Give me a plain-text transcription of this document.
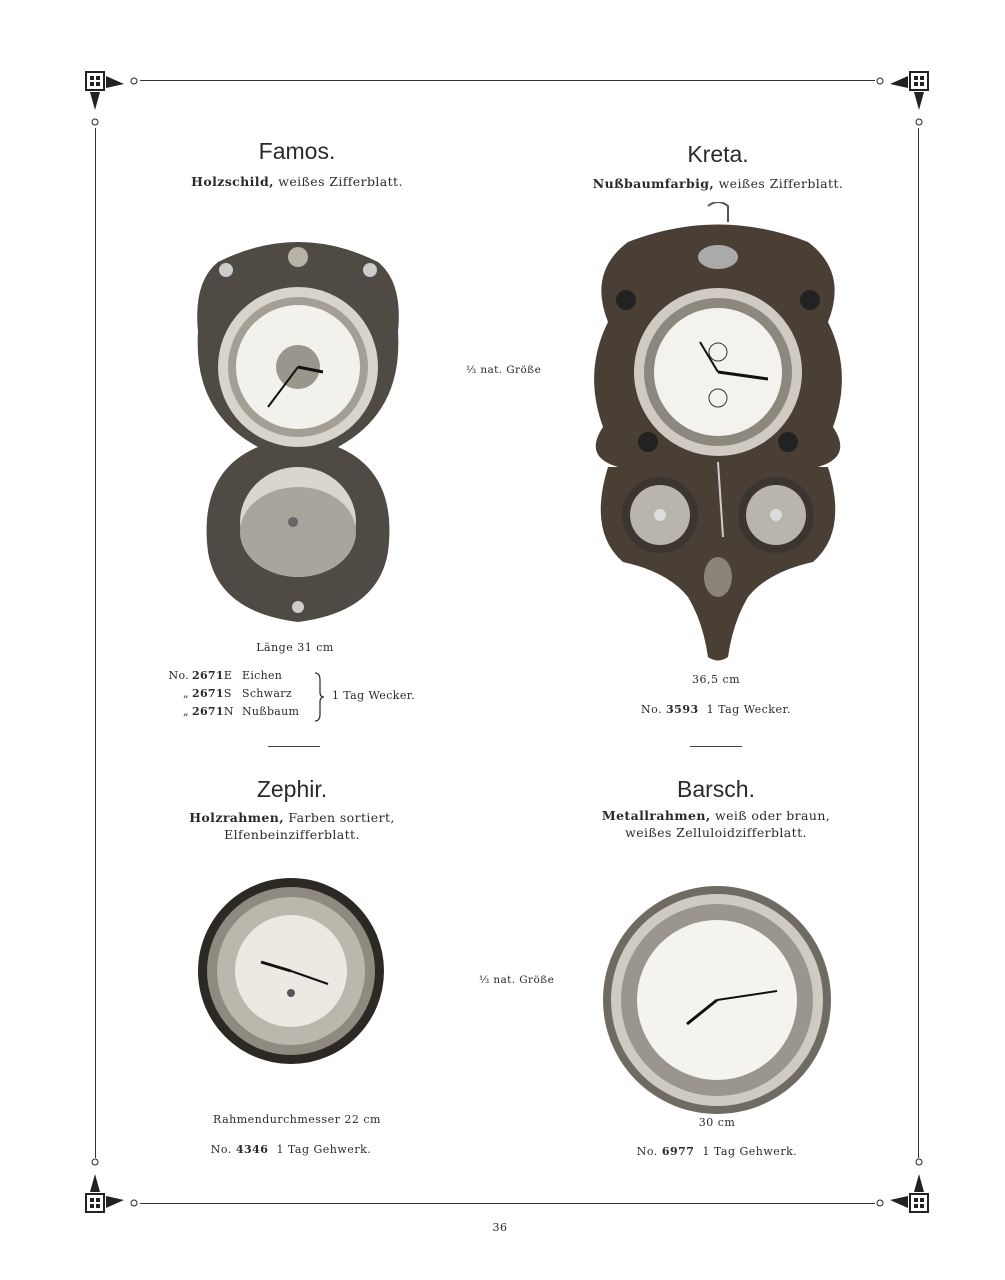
Famos.
Holzschild, weißes Zifferblatt.
⅓ nat. Größe
Länge 31 cm
No. 2671E Eichen
„ 2671S Schwarz
„ 2671N Nußbaum
1 Tag Wecker.
Kreta.
Nußbaumfarbig, weißes Zifferblatt.
36,5 cm
No. 3593 1 Tag Wecker.
Zephir.
Holzrahmen, Farben sortiert,
Elfenbeinzifferblatt.
⅓ nat. Größe
Rahmendurchmesser 22 cm
No. 4346 1 Tag Gehwerk.
Barsch.
Metallrahmen, weiß oder braun,
weißes Zelluloidzifferblatt.
30 cm
No. 6977 1 Tag Gehwerk.
36
